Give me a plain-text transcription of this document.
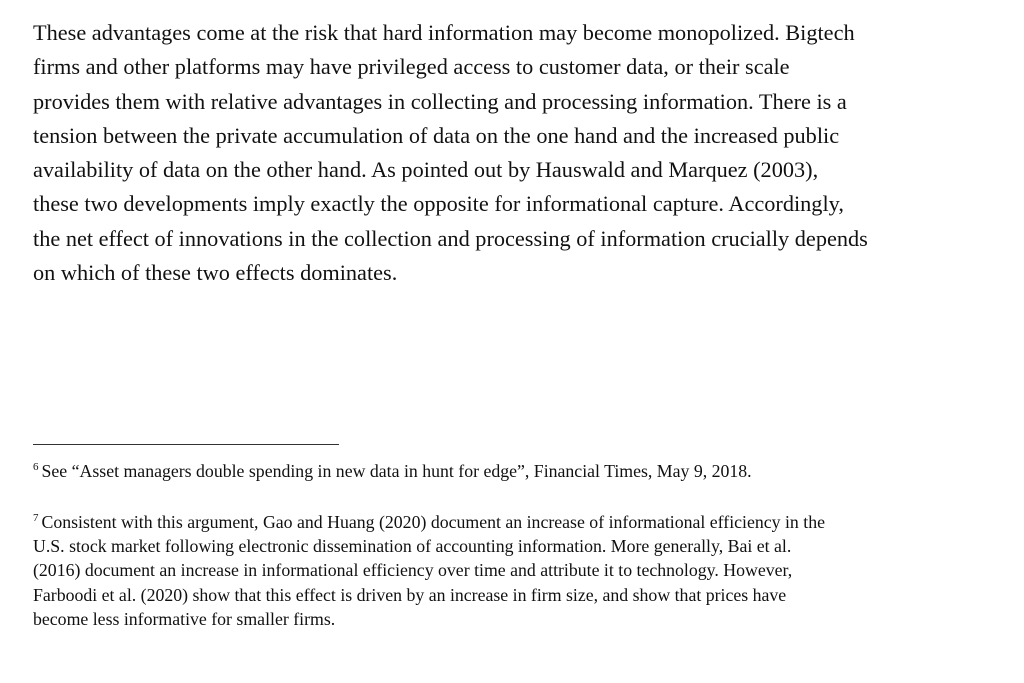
These advantages come at the risk that hard information may become monopolized. Bigtech
firms and other platforms may have privileged access to customer data, or their scale
provides them with relative advantages in collecting and processing information. There is a
tension between the private accumulation of data on the one hand and the increased public
availability of data on the other hand. As pointed out by Hauswald and Marquez (2003),
these two developments imply exactly the opposite for informational capture. Accordingly,
the net effect of innovations in the collection and processing of information crucially depends
on which of these two effects dominates.

$^6$ See “Asset managers double spending in new data in hunt for edge”, Financial Times, May 9, 2018.

$^7$ Consistent with this argument, Gao and Huang (2020) document an increase of informational efficiency in the
U.S. stock market following electronic dissemination of accounting information. More generally, Bai et al.
(2016) document an increase in informational efficiency over time and attribute it to technology. However,
Farboodi et al. (2020) show that this effect is driven by an increase in firm size, and show that prices have
become less informative for smaller firms.
